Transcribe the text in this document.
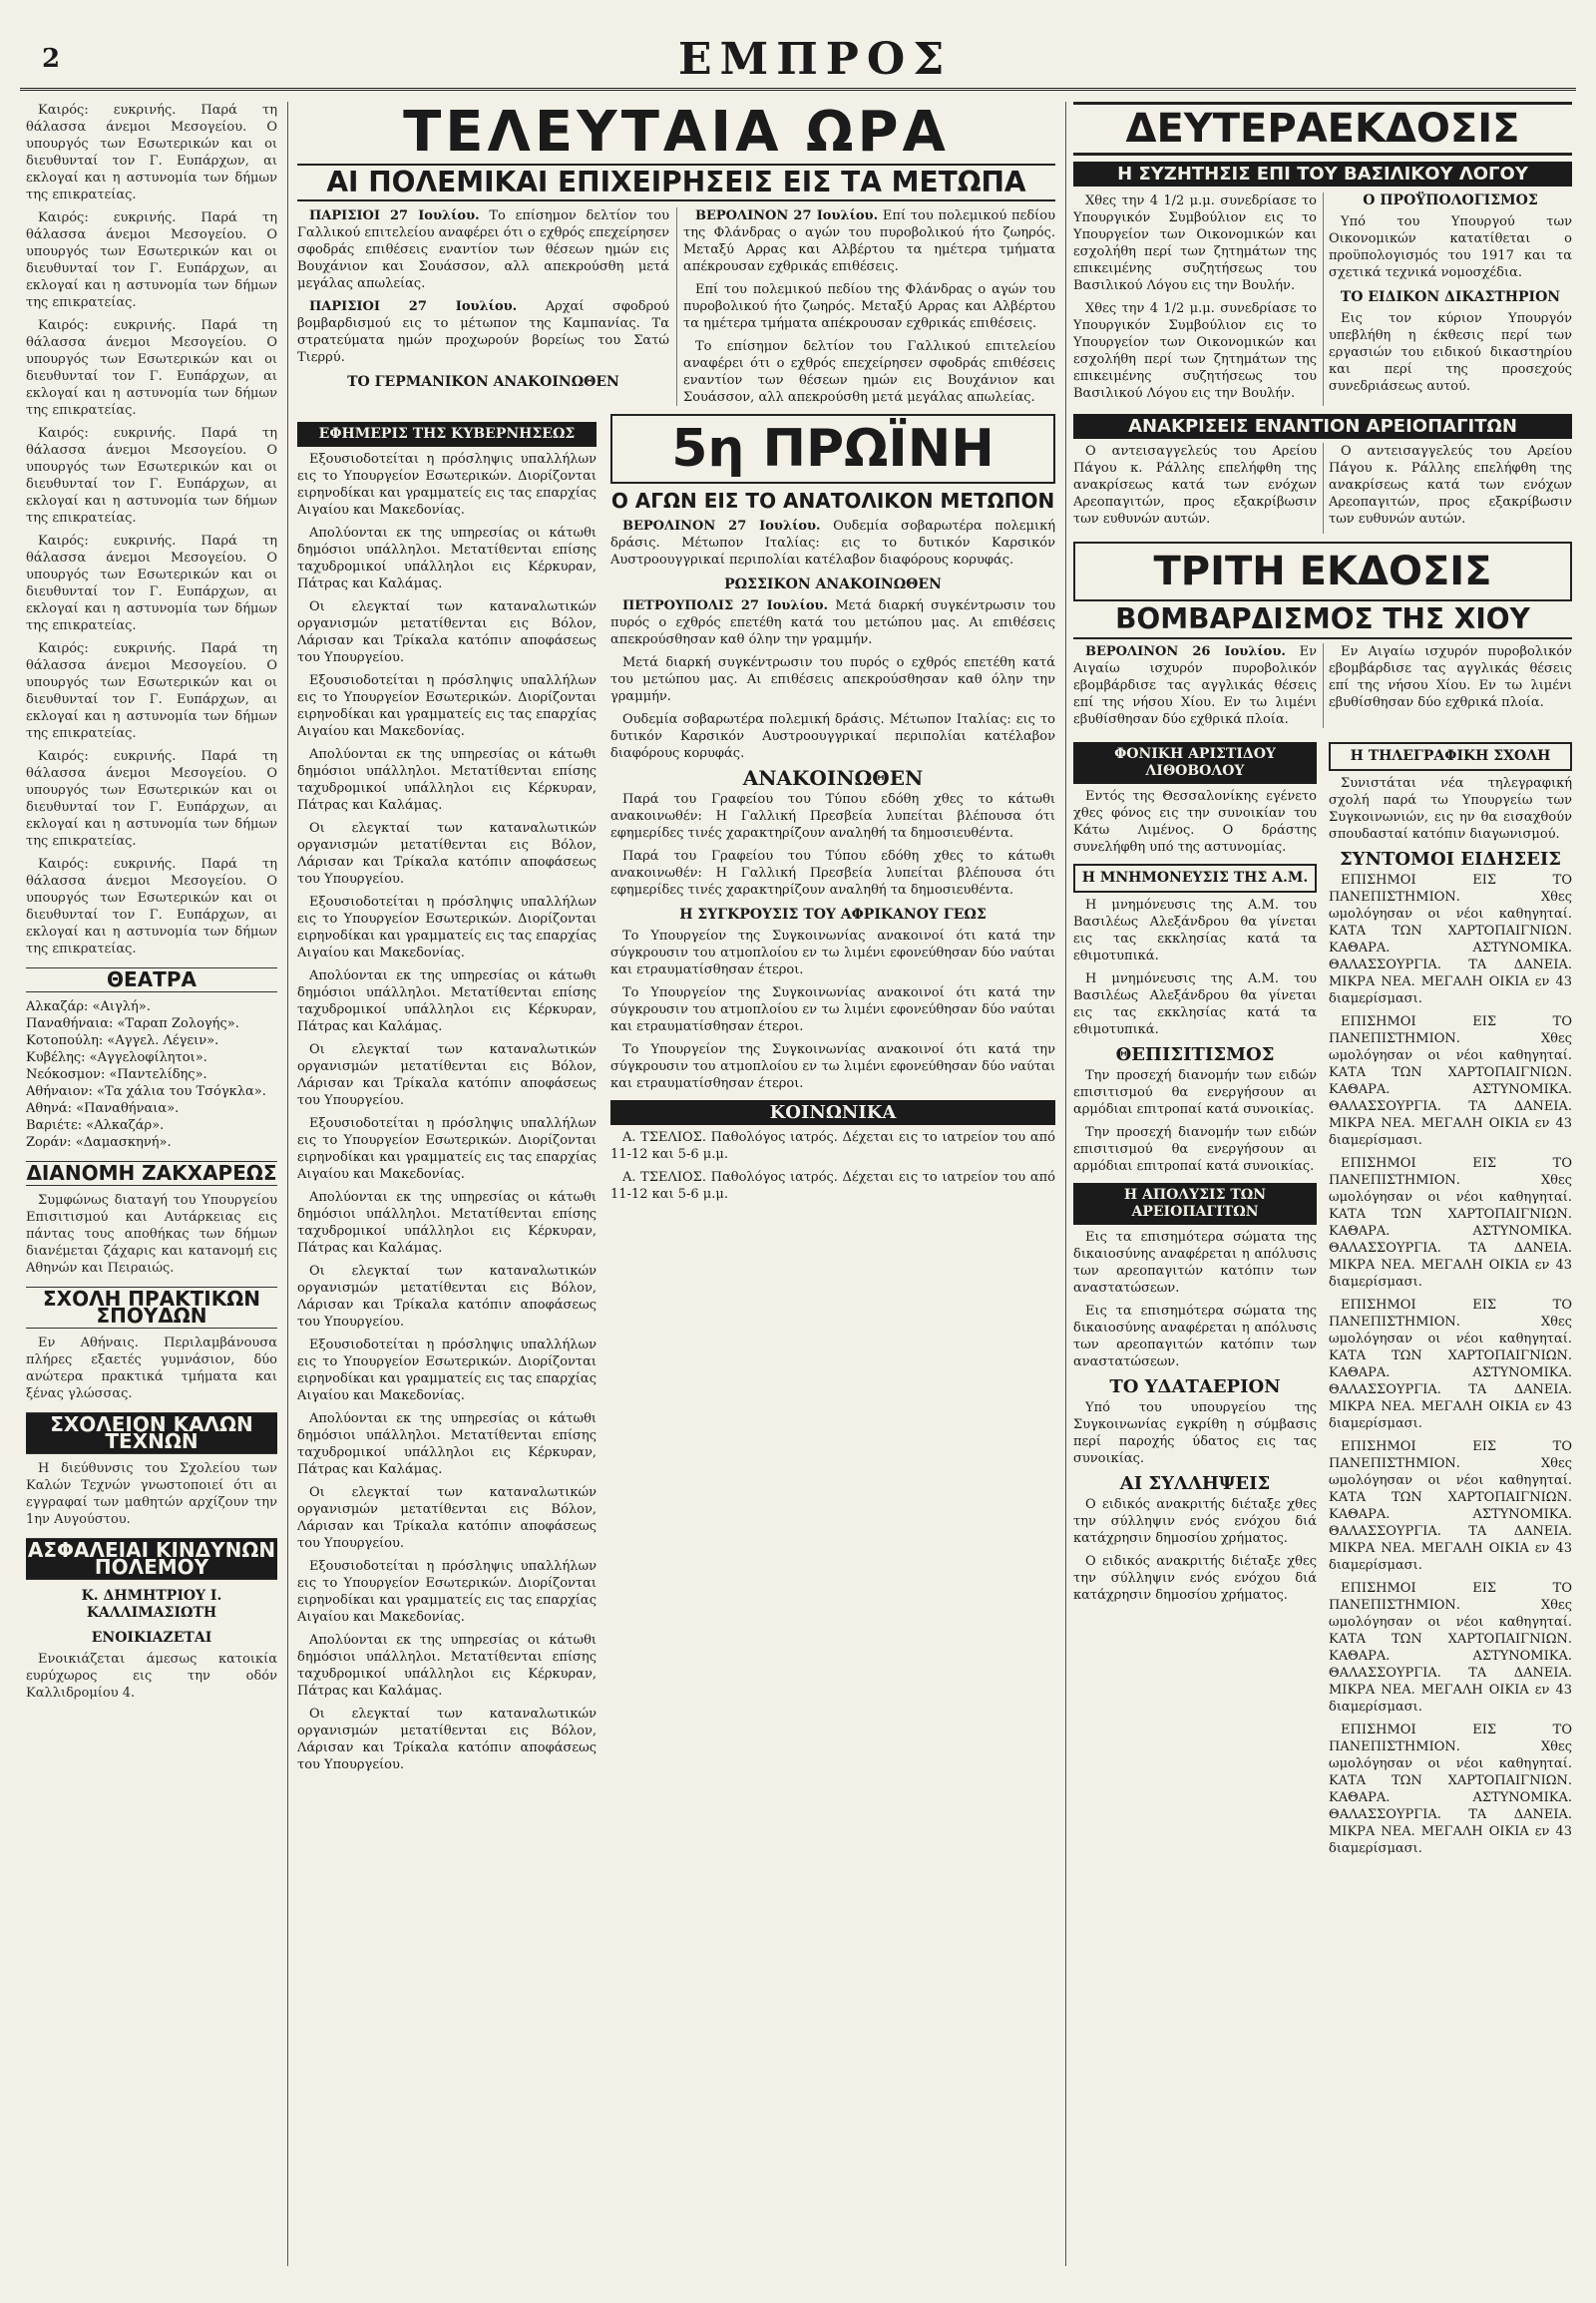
2	ΕΜΠΡΟΣ

Καιρός: ευκρινής. Παρά τη θάλασσα άνεμοι Μεσογείου. Ο υπουργός των Εσωτερικών και οι διευθυνταί τον Γ. Ευπάρχων, αι εκλογαί και η αστυνομία των δήμων της επικρατείας.

Καιρός: ευκρινής. Παρά τη θάλασσα άνεμοι Μεσογείου. Ο υπουργός των Εσωτερικών και οι διευθυνταί τον Γ. Ευπάρχων, αι εκλογαί και η αστυνομία των δήμων της επικρατείας.

Καιρός: ευκρινής. Παρά τη θάλασσα άνεμοι Μεσογείου. Ο υπουργός των Εσωτερικών και οι διευθυνταί τον Γ. Ευπάρχων, αι εκλογαί και η αστυνομία των δήμων της επικρατείας.

Καιρός: ευκρινής. Παρά τη θάλασσα άνεμοι Μεσογείου. Ο υπουργός των Εσωτερικών και οι διευθυνταί τον Γ. Ευπάρχων, αι εκλογαί και η αστυνομία των δήμων της επικρατείας.

Καιρός: ευκρινής. Παρά τη θάλασσα άνεμοι Μεσογείου. Ο υπουργός των Εσωτερικών και οι διευθυνταί τον Γ. Ευπάρχων, αι εκλογαί και η αστυνομία των δήμων της επικρατείας.

Καιρός: ευκρινής. Παρά τη θάλασσα άνεμοι Μεσογείου. Ο υπουργός των Εσωτερικών και οι διευθυνταί τον Γ. Ευπάρχων, αι εκλογαί και η αστυνομία των δήμων της επικρατείας.

Καιρός: ευκρινής. Παρά τη θάλασσα άνεμοι Μεσογείου. Ο υπουργός των Εσωτερικών και οι διευθυνταί τον Γ. Ευπάρχων, αι εκλογαί και η αστυνομία των δήμων της επικρατείας.

Καιρός: ευκρινής. Παρά τη θάλασσα άνεμοι Μεσογείου. Ο υπουργός των Εσωτερικών και οι διευθυνταί τον Γ. Ευπάρχων, αι εκλογαί και η αστυνομία των δήμων της επικρατείας.

ΘΕΑΤΡΑ
Αλκαζάρ: «Αιγλή».
Παναθήναια: «Ταραπ Ζολογής».
Κοτοπούλη: «Αγγελ. Λέγειν».
Κυβέλης: «Αγγελοφίλητοι».
Νεόκοσμον: «Παντελίδης».
Αθήναιον: «Τα χάλια του Τσόγκλα».
Αθηνά: «Παναθήναια».
Βαριέτε: «Αλκαζάρ».
Ζοράν: «Δαμασκηνή».
ΔΙΑΝΟΜΗ ΖΑΚΧΑΡΕΩΣ

Συμφώνως διαταγή του Υπουργείου Επισιτισμού και Αυτάρκειας εις πάντας τους αποθήκας των δήμων διανέμεται ζάχαρις και κατανομή εις Αθηνών και Πειραιώς.

ΣΧΟΛΗ ΠΡΑΚΤΙΚΩΝ ΣΠΟΥΔΩΝ

Εν Αθήναις. Περιλαμβάνουσα πλήρες εξαετές γυμνάσιον, δύο ανώτερα πρακτικά τμήματα και ξένας γλώσσας.

ΣΧΟΛΕΙΟΝ ΚΑΛΩΝ ΤΕΧΝΩΝ

Η διεύθυνσις του Σχολείου των Καλών Τεχνών γνωστοποιεί ότι αι εγγραφαί των μαθητών αρχίζουν την 1ην Αυγούστου.

ΑΣΦΑΛΕΙΑΙ ΚΙΝΔΥΝΩΝ ΠΟΛΕΜΟΥ
Κ. ΔΗΜΗΤΡΙΟΥ Ι. ΚΑΛΛΙΜΑΣΙΩΤΗ
ΕΝΟΙΚΙΑΖΕΤΑΙ

Ενοικιάζεται άμεσως κατοικία ευρύχωρος εις την οδόν Καλλιδρομίου 4.

ΤΕΛΕΥΤΑΙΑ ΩΡΑ
ΑΙ ΠΟΛΕΜΙΚΑΙ ΕΠΙΧΕΙΡΗΣΕΙΣ ΕΙΣ ΤΑ ΜΕΤΩΠΑ

ΠΑΡΙΣΙΟΙ 27 Ιουλίου. Το επίσημον δελτίον του Γαλλικού επιτελείου αναφέρει ότι ο εχθρός επεχείρησεν σφοδράς επιθέσεις εναντίον των θέσεων ημών εις Βουχάνιον και Σουάσσον, αλλ απεκρούσθη μετά μεγάλας απωλείας.

ΠΑΡΙΣΙΟΙ 27 Ιουλίου. Αρχαί σφοδρού βομβαρδισμού εις το μέτωπον της Καμπανίας. Τα στρατεύματα ημών προχωρούν βορείως του Σατώ Τιερρύ.

ΤΟ ΓΕΡΜΑΝΙΚΟΝ ΑΝΑΚΟΙΝΩΘΕΝ

ΒΕΡΟΛΙΝΟΝ 27 Ιουλίου. Επί του πολεμικού πεδίου της Φλάνδρας ο αγών του πυροβολικού ήτο ζωηρός. Μεταξύ Αρρας και Αλβέρτου τα ημέτερα τμήματα απέκρουσαν εχθρικάς επιθέσεις.

Επί του πολεμικού πεδίου της Φλάνδρας ο αγών του πυροβολικού ήτο ζωηρός. Μεταξύ Αρρας και Αλβέρτου τα ημέτερα τμήματα απέκρουσαν εχθρικάς επιθέσεις.

Το επίσημον δελτίον του Γαλλικού επιτελείου αναφέρει ότι ο εχθρός επεχείρησεν σφοδράς επιθέσεις εναντίον των θέσεων ημών εις Βουχάνιον και Σουάσσον, αλλ απεκρούσθη μετά μεγάλας απωλείας.

ΕΦΗΜΕΡΙΣ ΤΗΣ ΚΥΒΕΡΝΗΣΕΩΣ

Εξουσιοδοτείται η πρόσληψις υπαλλήλων εις το Υπουργείον Εσωτερικών. Διορίζονται ειρηνοδίκαι και γραμματείς εις τας επαρχίας Αιγαίου και Μακεδονίας.

Απολύονται εκ της υπηρεσίας οι κάτωθι δημόσιοι υπάλληλοι. Μετατίθενται επίσης ταχυδρομικοί υπάλληλοι εις Κέρκυραν, Πάτρας και Καλάμας.

Οι ελεγκταί των καταναλωτικών οργανισμών μετατίθενται εις Βόλον, Λάρισαν και Τρίκαλα κατόπιν αποφάσεως του Υπουργείου.

Εξουσιοδοτείται η πρόσληψις υπαλλήλων εις το Υπουργείον Εσωτερικών. Διορίζονται ειρηνοδίκαι και γραμματείς εις τας επαρχίας Αιγαίου και Μακεδονίας.

Απολύονται εκ της υπηρεσίας οι κάτωθι δημόσιοι υπάλληλοι. Μετατίθενται επίσης ταχυδρομικοί υπάλληλοι εις Κέρκυραν, Πάτρας και Καλάμας.

Οι ελεγκταί των καταναλωτικών οργανισμών μετατίθενται εις Βόλον, Λάρισαν και Τρίκαλα κατόπιν αποφάσεως του Υπουργείου.

Εξουσιοδοτείται η πρόσληψις υπαλλήλων εις το Υπουργείον Εσωτερικών. Διορίζονται ειρηνοδίκαι και γραμματείς εις τας επαρχίας Αιγαίου και Μακεδονίας.

Απολύονται εκ της υπηρεσίας οι κάτωθι δημόσιοι υπάλληλοι. Μετατίθενται επίσης ταχυδρομικοί υπάλληλοι εις Κέρκυραν, Πάτρας και Καλάμας.

Οι ελεγκταί των καταναλωτικών οργανισμών μετατίθενται εις Βόλον, Λάρισαν και Τρίκαλα κατόπιν αποφάσεως του Υπουργείου.

Εξουσιοδοτείται η πρόσληψις υπαλλήλων εις το Υπουργείον Εσωτερικών. Διορίζονται ειρηνοδίκαι και γραμματείς εις τας επαρχίας Αιγαίου και Μακεδονίας.

Απολύονται εκ της υπηρεσίας οι κάτωθι δημόσιοι υπάλληλοι. Μετατίθενται επίσης ταχυδρομικοί υπάλληλοι εις Κέρκυραν, Πάτρας και Καλάμας.

Οι ελεγκταί των καταναλωτικών οργανισμών μετατίθενται εις Βόλον, Λάρισαν και Τρίκαλα κατόπιν αποφάσεως του Υπουργείου.

Εξουσιοδοτείται η πρόσληψις υπαλλήλων εις το Υπουργείον Εσωτερικών. Διορίζονται ειρηνοδίκαι και γραμματείς εις τας επαρχίας Αιγαίου και Μακεδονίας.

Απολύονται εκ της υπηρεσίας οι κάτωθι δημόσιοι υπάλληλοι. Μετατίθενται επίσης ταχυδρομικοί υπάλληλοι εις Κέρκυραν, Πάτρας και Καλάμας.

Οι ελεγκταί των καταναλωτικών οργανισμών μετατίθενται εις Βόλον, Λάρισαν και Τρίκαλα κατόπιν αποφάσεως του Υπουργείου.

Εξουσιοδοτείται η πρόσληψις υπαλλήλων εις το Υπουργείον Εσωτερικών. Διορίζονται ειρηνοδίκαι και γραμματείς εις τας επαρχίας Αιγαίου και Μακεδονίας.

Απολύονται εκ της υπηρεσίας οι κάτωθι δημόσιοι υπάλληλοι. Μετατίθενται επίσης ταχυδρομικοί υπάλληλοι εις Κέρκυραν, Πάτρας και Καλάμας.

Οι ελεγκταί των καταναλωτικών οργανισμών μετατίθενται εις Βόλον, Λάρισαν και Τρίκαλα κατόπιν αποφάσεως του Υπουργείου.

5η ΠΡΩΪΝΗ
Ο ΑΓΩΝ ΕΙΣ ΤΟ ΑΝΑΤΟΛΙΚΟΝ ΜΕΤΩΠΟΝ

ΒΕΡΟΛΙΝΟΝ 27 Ιουλίου. Ουδεμία σοβαρωτέρα πολεμική δράσις. Μέτωπον Ιταλίας: εις το δυτικόν Καρσικόν Αυστροουγγρικαί περιπολίαι κατέλαβον διαφόρους κορυφάς.

ΡΩΣΣΙΚΟΝ ΑΝΑΚΟΙΝΩΘΕΝ

ΠΕΤΡΟΥΠΟΛΙΣ 27 Ιουλίου. Μετά διαρκή συγκέντρωσιν του πυρός ο εχθρός επετέθη κατά του μετώπου μας. Αι επιθέσεις απεκρούσθησαν καθ όλην την γραμμήν.

Μετά διαρκή συγκέντρωσιν του πυρός ο εχθρός επετέθη κατά του μετώπου μας. Αι επιθέσεις απεκρούσθησαν καθ όλην την γραμμήν.

Ουδεμία σοβαρωτέρα πολεμική δράσις. Μέτωπον Ιταλίας: εις το δυτικόν Καρσικόν Αυστροουγγρικαί περιπολίαι κατέλαβον διαφόρους κορυφάς.

ΑΝΑΚΟΙΝΩΘΕΝ

Παρά του Γραφείου του Τύπου εδόθη χθες το κάτωθι ανακοινωθέν: Η Γαλλική Πρεσβεία λυπείται βλέπουσα ότι εφημερίδες τινές χαρακτηρίζουν αναληθή τα δημοσιευθέντα.

Παρά του Γραφείου του Τύπου εδόθη χθες το κάτωθι ανακοινωθέν: Η Γαλλική Πρεσβεία λυπείται βλέπουσα ότι εφημερίδες τινές χαρακτηρίζουν αναληθή τα δημοσιευθέντα.

Η ΣΥΓΚΡΟΥΣΙΣ ΤΟΥ ΑΦΡΙΚΑΝΟΥ ΓΕΩΣ

Το Υπουργείον της Συγκοινωνίας ανακοινοί ότι κατά την σύγκρουσιν του ατμοπλοίου εν τω λιμένι εφονεύθησαν δύο ναύται και ετραυματίσθησαν έτεροι.

Το Υπουργείον της Συγκοινωνίας ανακοινοί ότι κατά την σύγκρουσιν του ατμοπλοίου εν τω λιμένι εφονεύθησαν δύο ναύται και ετραυματίσθησαν έτεροι.

Το Υπουργείον της Συγκοινωνίας ανακοινοί ότι κατά την σύγκρουσιν του ατμοπλοίου εν τω λιμένι εφονεύθησαν δύο ναύται και ετραυματίσθησαν έτεροι.

ΚΟΙΝΩΝΙΚΑ

Α. ΤΣΕΛΙΟΣ. Παθολόγος ιατρός. Δέχεται εις το ιατρείον του από 11-12 και 5-6 μ.μ.

Α. ΤΣΕΛΙΟΣ. Παθολόγος ιατρός. Δέχεται εις το ιατρείον του από 11-12 και 5-6 μ.μ.

ΔΕΥΤΕΡΑΕΚΔΟΣΙΣ
Η ΣΥΖΗΤΗΣΙΣ ΕΠΙ ΤΟΥ ΒΑΣΙΛΙΚΟΥ ΛΟΓΟΥ

Χθες την 4 1/2 μ.μ. συνεδρίασε το Υπουργικόν Συμβούλιον εις το Υπουργείον των Οικονομικών και εσχολήθη περί των ζητημάτων της επικειμένης συζητήσεως του Βασιλικού Λόγου εις την Βουλήν.

Χθες την 4 1/2 μ.μ. συνεδρίασε το Υπουργικόν Συμβούλιον εις το Υπουργείον των Οικονομικών και εσχολήθη περί των ζητημάτων της επικειμένης συζητήσεως του Βασιλικού Λόγου εις την Βουλήν.

Ο ΠΡΟΫΠΟΛΟΓΙΣΜΟΣ

Υπό του Υπουργού των Οικονομικών κατατίθεται ο προϋπολογισμός του 1917 και τα σχετικά τεχνικά νομοσχέδια.

ΤΟ ΕΙΔΙΚΟΝ ΔΙΚΑΣΤΗΡΙΟΝ

Εις τον κύριον Υπουργόν υπεβλήθη η έκθεσις περί των εργασιών του ειδικού δικαστηρίου και περί της προσεχούς συνεδριάσεως αυτού.

ΑΝΑΚΡΙΣΕΙΣ ΕΝΑΝΤΙΟΝ ΑΡΕΙΟΠΑΓΙΤΩΝ

Ο αντεισαγγελεύς του Αρείου Πάγου κ. Ράλλης επελήφθη της ανακρίσεως κατά των ενόχων Αρεοπαγιτών, προς εξακρίβωσιν των ευθυνών αυτών.

Ο αντεισαγγελεύς του Αρείου Πάγου κ. Ράλλης επελήφθη της ανακρίσεως κατά των ενόχων Αρεοπαγιτών, προς εξακρίβωσιν των ευθυνών αυτών.

ΤΡΙΤΗ ΕΚΔΟΣΙΣ
ΒΟΜΒΑΡΔΙΣΜΟΣ ΤΗΣ ΧΙΟΥ

ΒΕΡΟΛΙΝΟΝ 26 Ιουλίου. Εν Αιγαίω ισχυρόν πυροβολικόν εβομβάρδισε τας αγγλικάς θέσεις επί της νήσου Χίου. Εν τω λιμένι εβυθίσθησαν δύο εχθρικά πλοία.

Εν Αιγαίω ισχυρόν πυροβολικόν εβομβάρδισε τας αγγλικάς θέσεις επί της νήσου Χίου. Εν τω λιμένι εβυθίσθησαν δύο εχθρικά πλοία.

ΦΟΝΙΚΗ ΑΡΙΣΤΙΔΟΥ ΛΙΘΟΒΟΛΟΥ

Εντός της Θεσσαλονίκης εγένετο χθες φόνος εις την συνοικίαν του Κάτω Λιμένος. Ο δράστης συνελήφθη υπό της αστυνομίας.

Η ΜΝΗΜΟΝΕΥΣΙΣ ΤΗΣ Α.Μ.

Η μνημόνευσις της Α.Μ. του Βασιλέως Αλεξάνδρου θα γίνεται εις τας εκκλησίας κατά τα εθιμοτυπικά.

Η μνημόνευσις της Α.Μ. του Βασιλέως Αλεξάνδρου θα γίνεται εις τας εκκλησίας κατά τα εθιμοτυπικά.

ΘΕΠΙΣΙΤΙΣΜΟΣ

Την προσεχή διανομήν των ειδών επισιτισμού θα ενεργήσουν αι αρμόδιαι επιτροπαί κατά συνοικίας.

Την προσεχή διανομήν των ειδών επισιτισμού θα ενεργήσουν αι αρμόδιαι επιτροπαί κατά συνοικίας.

Η ΑΠΟΛΥΣΙΣ ΤΩΝ ΑΡΕΙΟΠΑΓΙΤΩΝ

Εις τα επισημότερα σώματα της δικαιοσύνης αναφέρεται η απόλυσις των αρεοπαγιτών κατόπιν των αναστατώσεων.

Εις τα επισημότερα σώματα της δικαιοσύνης αναφέρεται η απόλυσις των αρεοπαγιτών κατόπιν των αναστατώσεων.

ΤΟ ΥΔΑΤΑΕΡΙΟΝ

Υπό του υπουργείου της Συγκοινωνίας εγκρίθη η σύμβασις περί παροχής ύδατος εις τας συνοικίας.

ΑΙ ΣΥΛΛΗΨΕΙΣ

Ο ειδικός ανακριτής διέταξε χθες την σύλληψιν ενός ενόχου διά κατάχρησιν δημοσίου χρήματος.

Ο ειδικός ανακριτής διέταξε χθες την σύλληψιν ενός ενόχου διά κατάχρησιν δημοσίου χρήματος.

Η ΤΗΛΕΓΡΑΦΙΚΗ ΣΧΟΛΗ

Συνιστάται νέα τηλεγραφική σχολή παρά τω Υπουργείω των Συγκοινωνιών, εις ην θα εισαχθούν σπουδασταί κατόπιν διαγωνισμού.

ΣΥΝΤΟΜΟΙ ΕΙΔΗΣΕΙΣ

ΕΠΙΣΗΜΟΙ ΕΙΣ ΤΟ ΠΑΝΕΠΙΣΤΗΜΙΟΝ. Χθες ωμολόγησαν οι νέοι καθηγηταί. ΚΑΤΑ ΤΩΝ ΧΑΡΤΟΠΑΙΓΝΙΩΝ. ΚΑΘΑΡΑ. ΑΣΤΥΝΟΜΙΚΑ. ΘΑΛΑΣΣΟΥΡΓΙΑ. ΤΑ ΔΑΝΕΙΑ. ΜΙΚΡΑ ΝΕΑ. ΜΕΓΑΛΗ ΟΙΚΙΑ εν 43 διαμερίσμασι.

ΕΠΙΣΗΜΟΙ ΕΙΣ ΤΟ ΠΑΝΕΠΙΣΤΗΜΙΟΝ. Χθες ωμολόγησαν οι νέοι καθηγηταί. ΚΑΤΑ ΤΩΝ ΧΑΡΤΟΠΑΙΓΝΙΩΝ. ΚΑΘΑΡΑ. ΑΣΤΥΝΟΜΙΚΑ. ΘΑΛΑΣΣΟΥΡΓΙΑ. ΤΑ ΔΑΝΕΙΑ. ΜΙΚΡΑ ΝΕΑ. ΜΕΓΑΛΗ ΟΙΚΙΑ εν 43 διαμερίσμασι.

ΕΠΙΣΗΜΟΙ ΕΙΣ ΤΟ ΠΑΝΕΠΙΣΤΗΜΙΟΝ. Χθες ωμολόγησαν οι νέοι καθηγηταί. ΚΑΤΑ ΤΩΝ ΧΑΡΤΟΠΑΙΓΝΙΩΝ. ΚΑΘΑΡΑ. ΑΣΤΥΝΟΜΙΚΑ. ΘΑΛΑΣΣΟΥΡΓΙΑ. ΤΑ ΔΑΝΕΙΑ. ΜΙΚΡΑ ΝΕΑ. ΜΕΓΑΛΗ ΟΙΚΙΑ εν 43 διαμερίσμασι.

ΕΠΙΣΗΜΟΙ ΕΙΣ ΤΟ ΠΑΝΕΠΙΣΤΗΜΙΟΝ. Χθες ωμολόγησαν οι νέοι καθηγηταί. ΚΑΤΑ ΤΩΝ ΧΑΡΤΟΠΑΙΓΝΙΩΝ. ΚΑΘΑΡΑ. ΑΣΤΥΝΟΜΙΚΑ. ΘΑΛΑΣΣΟΥΡΓΙΑ. ΤΑ ΔΑΝΕΙΑ. ΜΙΚΡΑ ΝΕΑ. ΜΕΓΑΛΗ ΟΙΚΙΑ εν 43 διαμερίσμασι.

ΕΠΙΣΗΜΟΙ ΕΙΣ ΤΟ ΠΑΝΕΠΙΣΤΗΜΙΟΝ. Χθες ωμολόγησαν οι νέοι καθηγηταί. ΚΑΤΑ ΤΩΝ ΧΑΡΤΟΠΑΙΓΝΙΩΝ. ΚΑΘΑΡΑ. ΑΣΤΥΝΟΜΙΚΑ. ΘΑΛΑΣΣΟΥΡΓΙΑ. ΤΑ ΔΑΝΕΙΑ. ΜΙΚΡΑ ΝΕΑ. ΜΕΓΑΛΗ ΟΙΚΙΑ εν 43 διαμερίσμασι.

ΕΠΙΣΗΜΟΙ ΕΙΣ ΤΟ ΠΑΝΕΠΙΣΤΗΜΙΟΝ. Χθες ωμολόγησαν οι νέοι καθηγηταί. ΚΑΤΑ ΤΩΝ ΧΑΡΤΟΠΑΙΓΝΙΩΝ. ΚΑΘΑΡΑ. ΑΣΤΥΝΟΜΙΚΑ. ΘΑΛΑΣΣΟΥΡΓΙΑ. ΤΑ ΔΑΝΕΙΑ. ΜΙΚΡΑ ΝΕΑ. ΜΕΓΑΛΗ ΟΙΚΙΑ εν 43 διαμερίσμασι.

ΕΠΙΣΗΜΟΙ ΕΙΣ ΤΟ ΠΑΝΕΠΙΣΤΗΜΙΟΝ. Χθες ωμολόγησαν οι νέοι καθηγηταί. ΚΑΤΑ ΤΩΝ ΧΑΡΤΟΠΑΙΓΝΙΩΝ. ΚΑΘΑΡΑ. ΑΣΤΥΝΟΜΙΚΑ. ΘΑΛΑΣΣΟΥΡΓΙΑ. ΤΑ ΔΑΝΕΙΑ. ΜΙΚΡΑ ΝΕΑ. ΜΕΓΑΛΗ ΟΙΚΙΑ εν 43 διαμερίσμασι.
